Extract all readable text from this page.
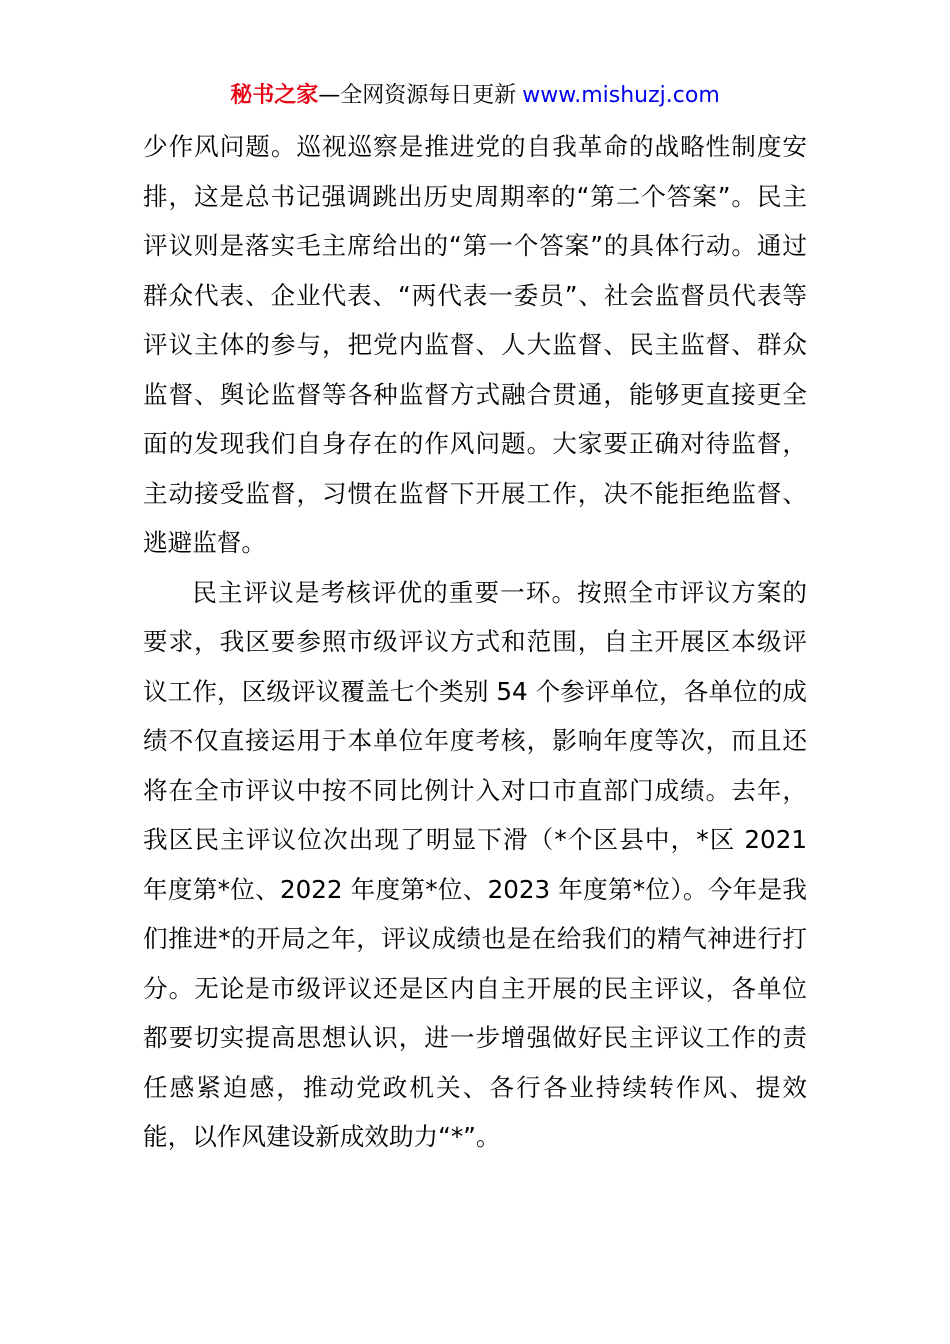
秘书之家—全网资源每日更新 www.mishuzj.com

少作风问题。巡视巡察是推进党的自我革命的战略性制度安排，这是总书记强调跳出历史周期率的“第二个答案”。民主评议则是落实毛主席给出的“第一个答案”的具体行动。通过群众代表、企业代表、“两代表一委员”、社会监督员代表等评议主体的参与，把党内监督、人大监督、民主监督、群众监督、舆论监督等各种监督方式融合贯通，能够更直接更全面的发现我们自身存在的作风问题。大家要正确对待监督，主动接受监督，习惯在监督下开展工作，决不能拒绝监督、逃避监督。

民主评议是考核评优的重要一环。按照全市评议方案的要求，我区要参照市级评议方式和范围，自主开展区本级评议工作，区级评议覆盖七个类别 54 个参评单位，各单位的成绩不仅直接运用于本单位年度考核，影响年度等次，而且还将在全市评议中按不同比例计入对口市直部门成绩。去年，我区民主评议位次出现了明显下滑（*个区县中，*区 2021 年度第*位、2022 年度第*位、2023 年度第*位）。今年是我们推进*的开局之年，评议成绩也是在给我们的精气神进行打分。无论是市级评议还是区内自主开展的民主评议，各单位都要切实提高思想认识，进一步增强做好民主评议工作的责任感紧迫感，推动党政机关、各行各业持续转作风、提效能，以作风建设新成效助力“*”。
